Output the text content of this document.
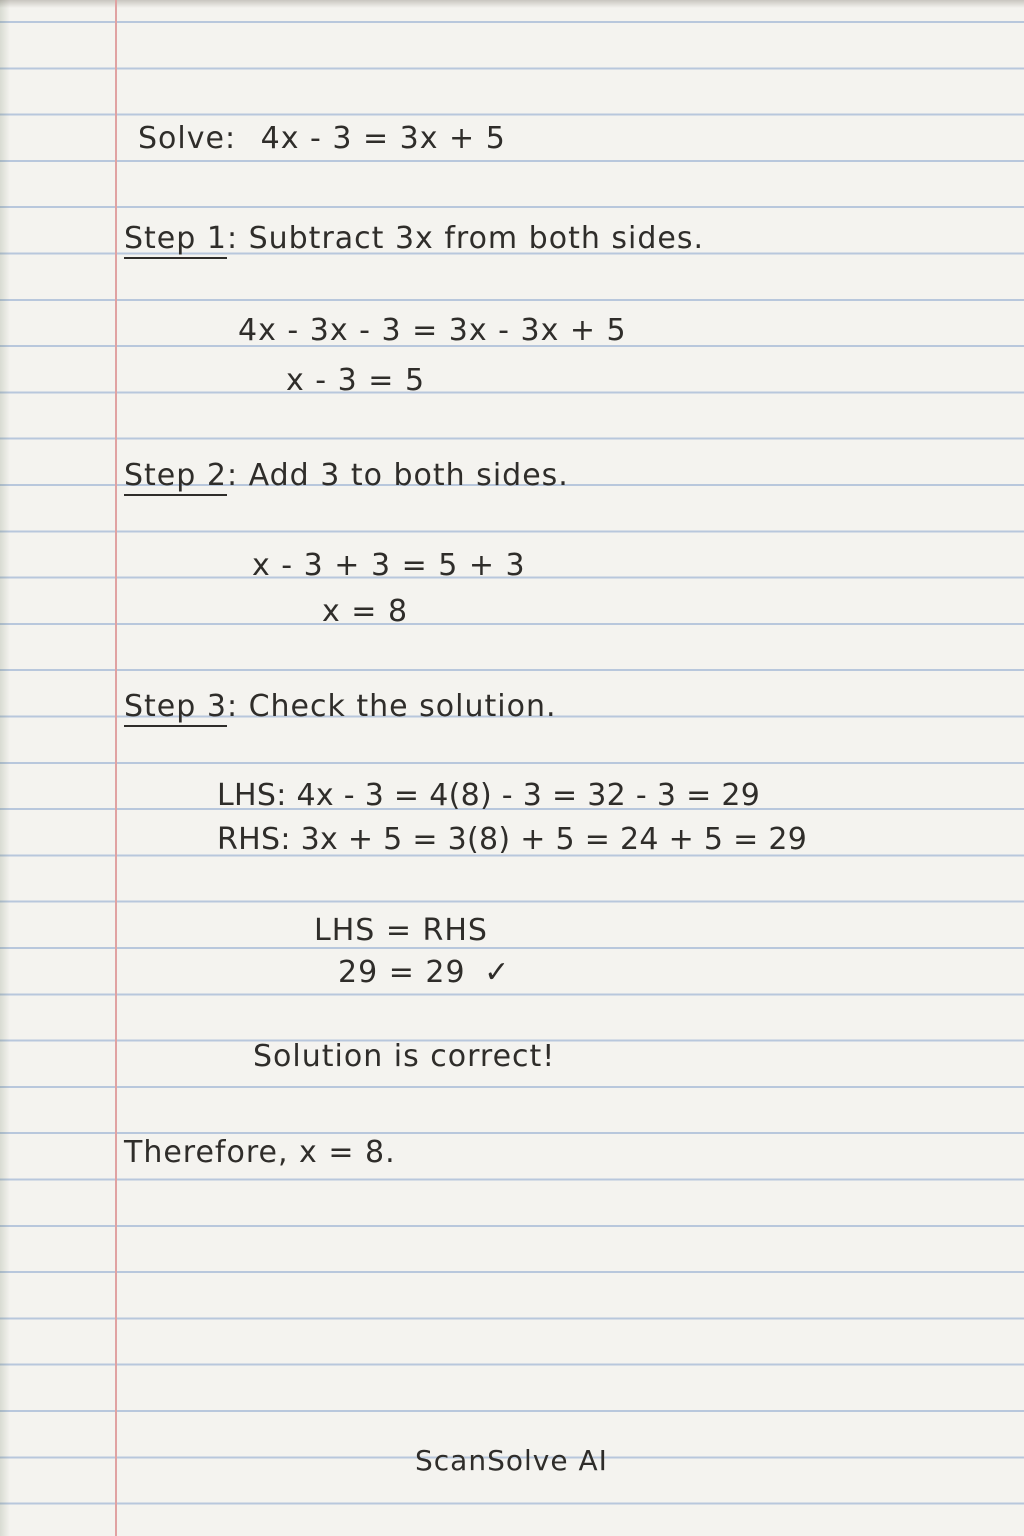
Solve: 4x - 3 = 3x + 5
Step 1: Subtract 3x from both sides.
4x - 3x - 3 = 3x - 3x + 5
x - 3 = 5
Step 2: Add 3 to both sides.
x - 3 + 3 = 5 + 3
x = 8
Step 3: Check the solution.
LHS: 4x - 3 = 4(8) - 3 = 32 - 3 = 29
RHS: 3x + 5 = 3(8) + 5 = 24 + 5 = 29
LHS = RHS
29 = 29 ✓
Solution is correct!
Therefore, x = 8.
ScanSolve AI
